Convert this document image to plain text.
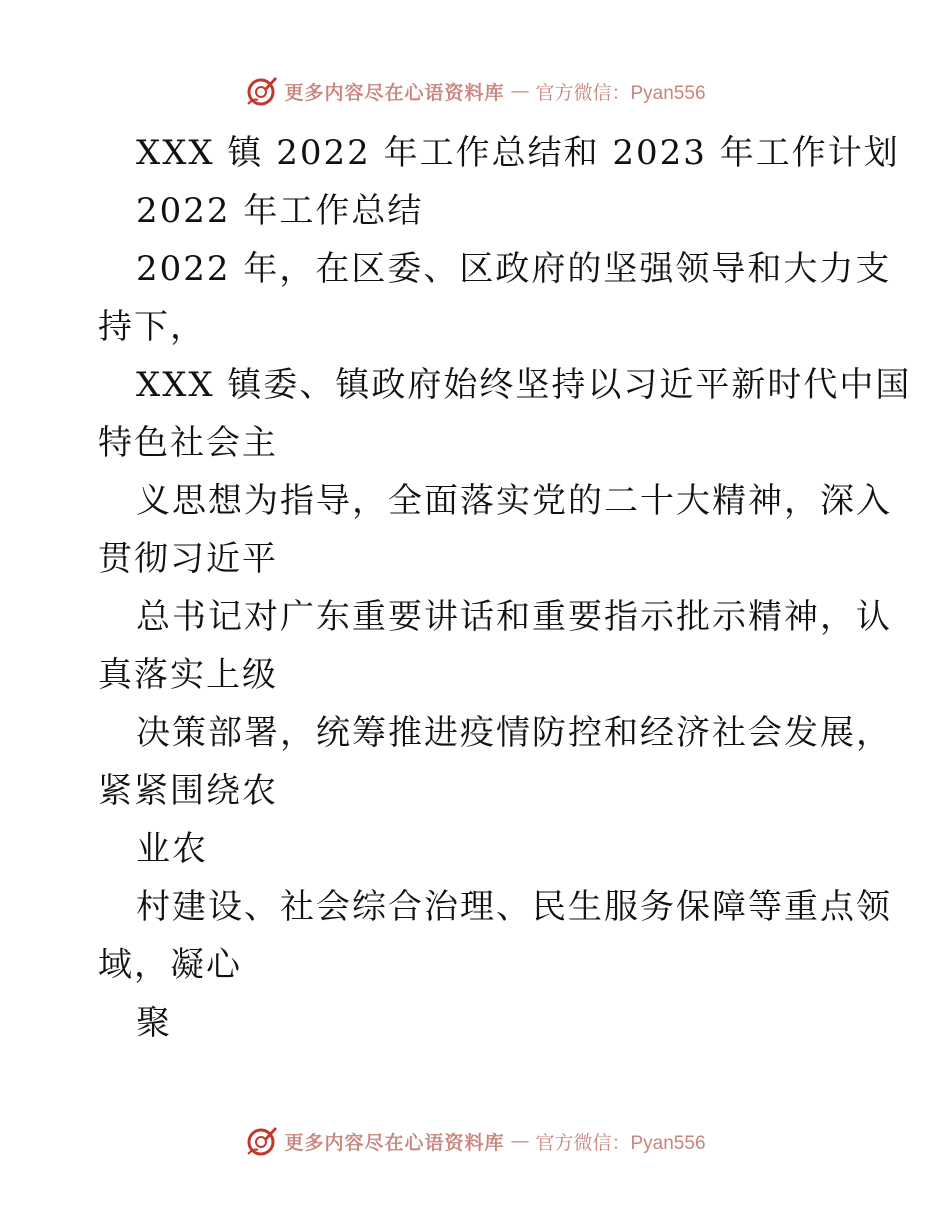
更多内容尽在心语资料库 — 官方微信：Pyan556
XXX 镇 2022 年工作总结和 2023 年工作计划
2022 年工作总结
2022 年，在区委、区政府的坚强领导和大力支
持下，
XXX 镇委、镇政府始终坚持以习近平新时代中国
特色社会主
义思想为指导，全面落实党的二十大精神，深入
贯彻习近平
总书记对广东重要讲话和重要指示批示精神，认
真落实上级
决策部署，统筹推进疫情防控和经济社会发展，
紧紧围绕农
业农
村建设、社会综合治理、民生服务保障等重点领
域，凝心
聚
更多内容尽在心语资料库 — 官方微信：Pyan556
